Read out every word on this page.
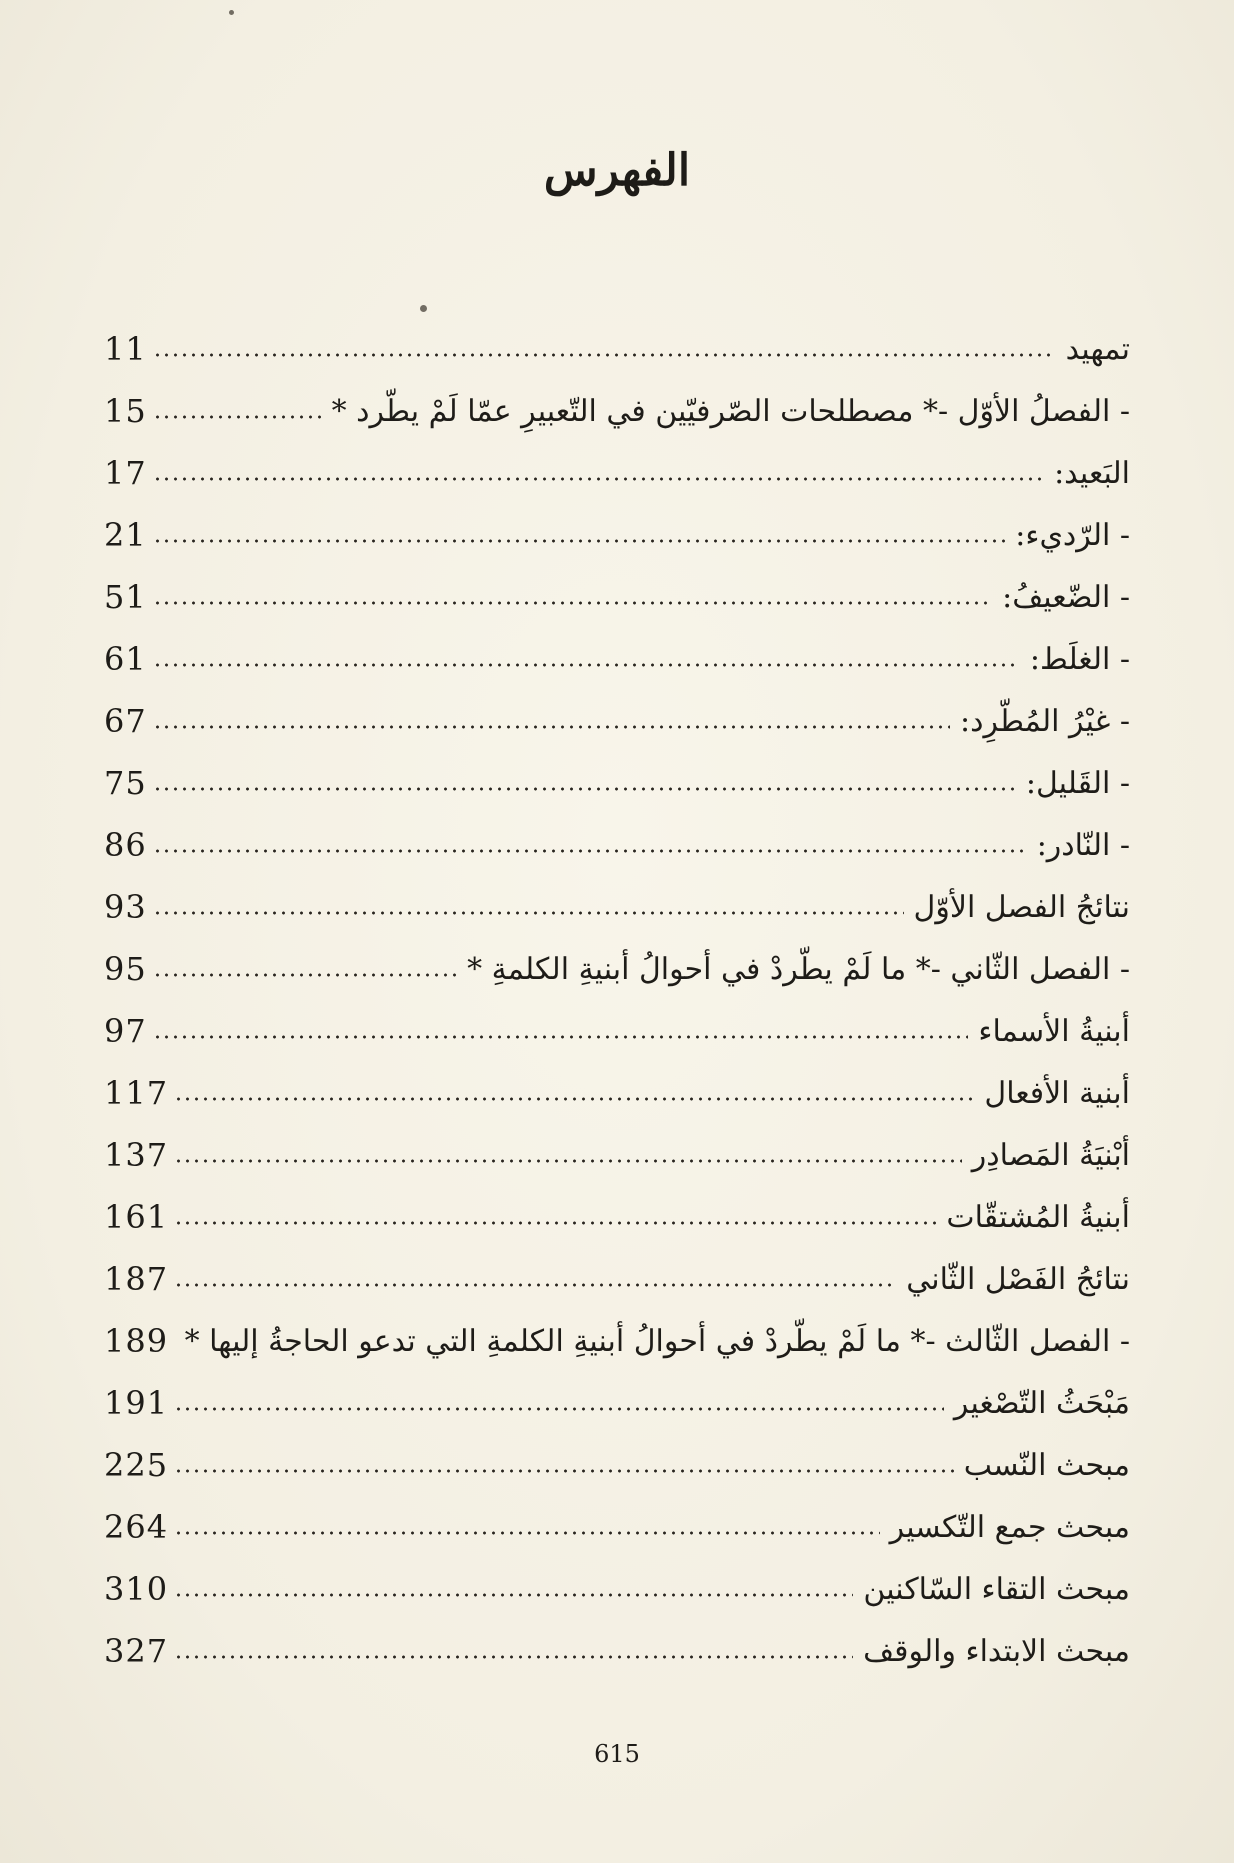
الفهرس
تمهيد
11
- الفصلُ الأوّل -* مصطلحات الصّرفيّين في التّعبيرِ عمّا لَمْ يطّرد *
15
البَعيد:
17
- الرّديء:
21
- الضّعيفُ:
51
- الغلَط:
61
- غيْرُ المُطّرِد:
67
- القَليل:
75
- النّادر:
86
نتائجُ الفصل الأوّل
93
- الفصل الثّاني -* ما لَمْ يطّردْ في أحوالُ أبنيةِ الكلمةِ *
95
أبنيةُ الأسماء
97
أبنية الأفعال
117
أبْنيَةُ المَصادِر
137
أبنيةُ المُشتقّات
161
نتائجُ الفَصْل الثّاني
187
- الفصل الثّالث -* ما لَمْ يطّردْ في أحوالُ أبنيةِ الكلمةِ التي تدعو الحاجةُ إليها *
189
مَبْحَثُ التّصْغير
191
مبحث النّسب
225
مبحث جمع التّكسير
264
مبحث التقاء السّاكنين
310
مبحث الابتداء والوقف
327
615
